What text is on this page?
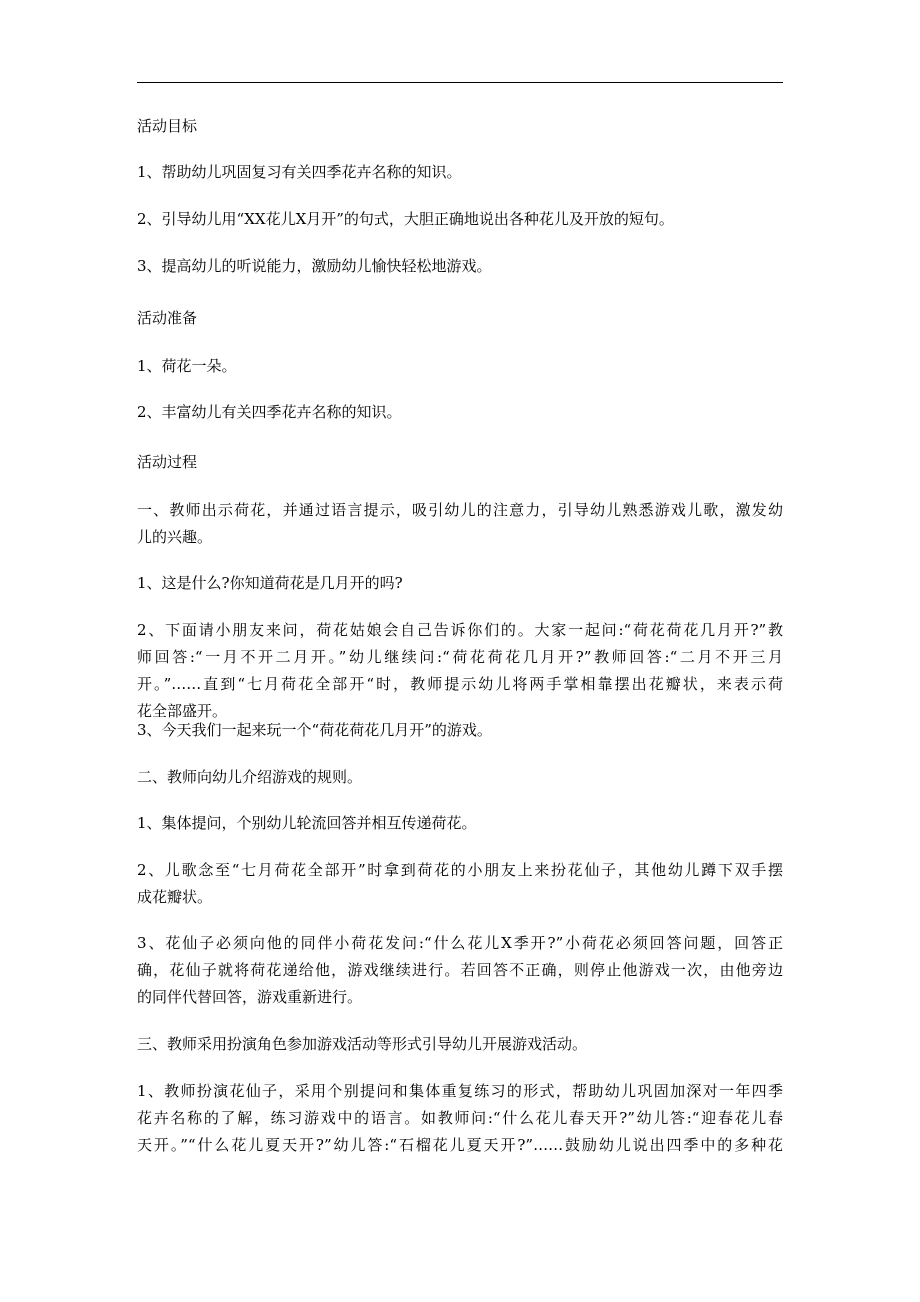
活动目标
1、帮助幼儿巩固复习有关四季花卉名称的知识。
2、引导幼儿用“XX花儿X月开”的句式，大胆正确地说出各种花儿及开放的短句。
3、提高幼儿的听说能力，激励幼儿愉快轻松地游戏。
活动准备
1、荷花一朵。
2、丰富幼儿有关四季花卉名称的知识。
活动过程
一、教师出示荷花，并通过语言提示，吸引幼儿的注意力，引导幼儿熟悉游戏儿歌，激发幼
儿的兴趣。
1、这是什么?你知道荷花是几月开的吗?
2、下面请小朋友来问，荷花姑娘会自己告诉你们的。大家一起问:“荷花荷花几月开?”教
师回答:“一月不开二月开。”幼儿继续问:“荷花荷花几月开?”教师回答:“二月不开三月
开。”……直到“七月荷花全部开“时，教师提示幼儿将两手掌相靠摆出花瓣状，来表示荷
花全部盛开。
3、今天我们一起来玩一个“荷花荷花几月开”的游戏。
二、教师向幼儿介绍游戏的规则。
1、集体提问，个别幼儿轮流回答并相互传递荷花。
2、儿歌念至“七月荷花全部开”时拿到荷花的小朋友上来扮花仙子，其他幼儿蹲下双手摆
成花瓣状。
3、花仙子必须向他的同伴小荷花发问:“什么花儿X季开?”小荷花必须回答问题，回答正
确，花仙子就将荷花递给他，游戏继续进行。若回答不正确，则停止他游戏一次，由他旁边
的同伴代替回答，游戏重新进行。
三、教师采用扮演角色参加游戏活动等形式引导幼儿开展游戏活动。
1、教师扮演花仙子，采用个别提问和集体重复练习的形式，帮助幼儿巩固加深对一年四季
花卉名称的了解，练习游戏中的语言。如教师问:“什么花儿春天开?”幼儿答:“迎春花儿春
天开。”“什么花儿夏天开?”幼儿答:“石榴花儿夏天开?”……鼓励幼儿说出四季中的多种花
